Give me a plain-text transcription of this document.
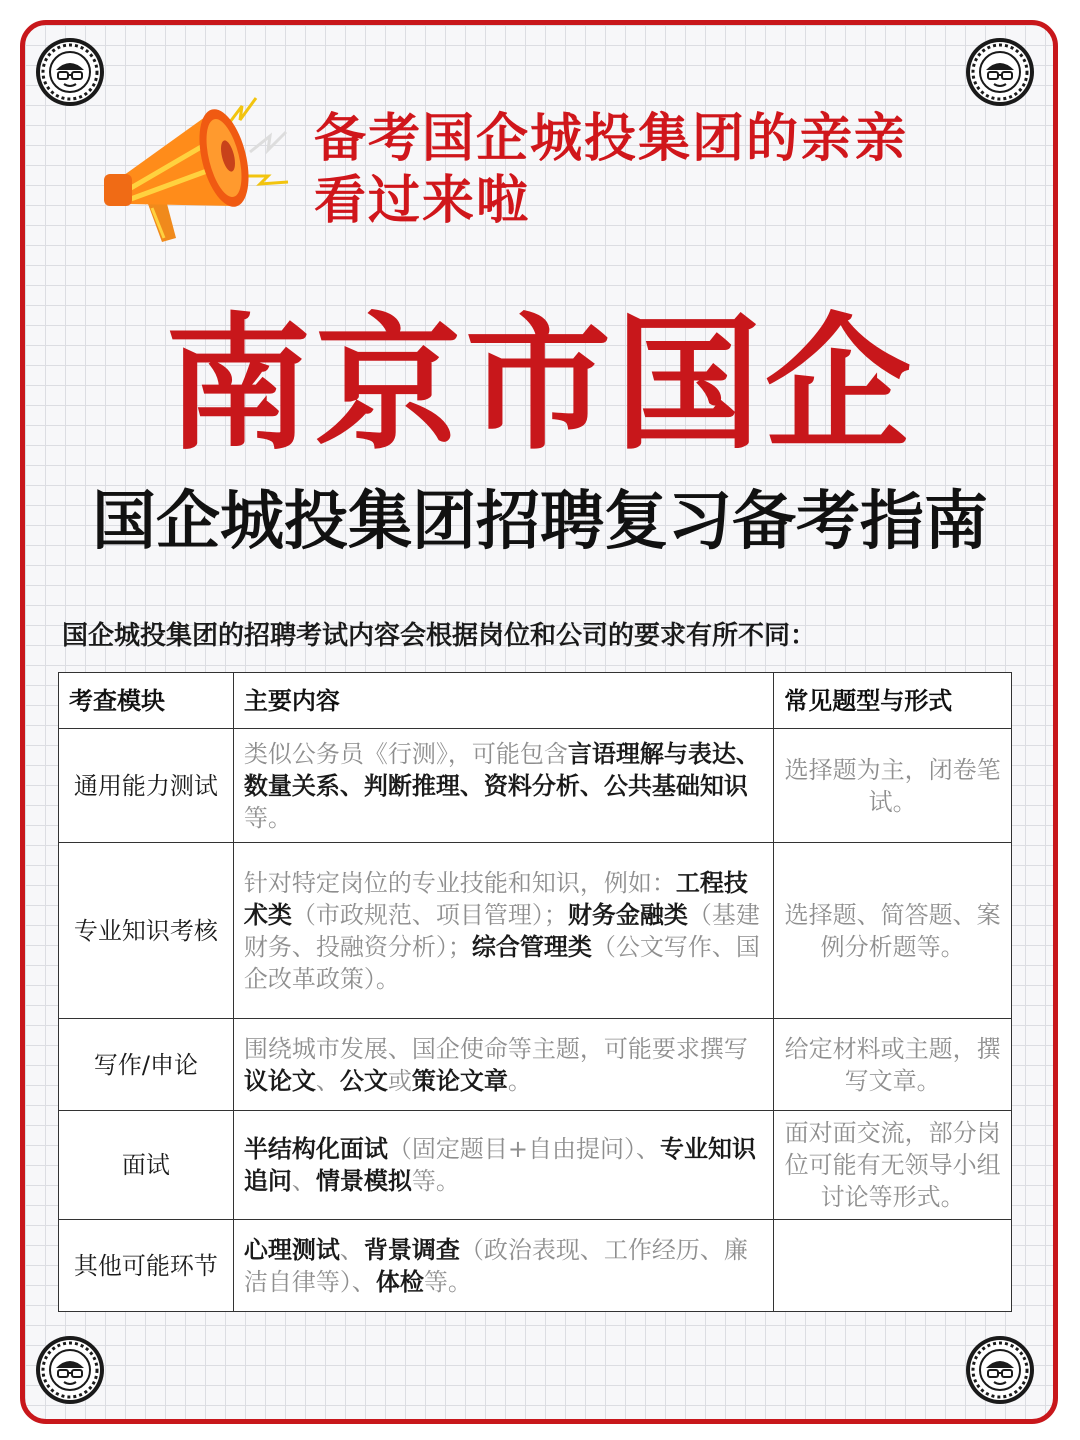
备考国企城投集团的亲亲
看过来啦
南京市国企
国企城投集团招聘复习备考指南
国企城投集团的招聘考试内容会根据岗位和公司的要求有所不同：
考查模块	主要内容	常见题型与形式
通用能力测试	类似公务员《行测》，可能包含言语理解与表达、数量关系、判断推理、资料分析、公共基础知识等。	选择题为主，闭卷笔试。
专业知识考核	针对特定岗位的专业技能和知识，例如：工程技术类（市政规范、项目管理）；财务金融类（基建财务、投融资分析）；综合管理类（公文写作、国企改革政策）。	选择题、简答题、案例分析题等。
写作/申论	围绕城市发展、国企使命等主题，可能要求撰写议论文、公文或策论文章。	给定材料或主题，撰写文章。
面试	半结构化面试（固定题目+自由提问）、专业知识追问、情景模拟等。	面对面交流，部分岗位可能有无领导小组讨论等形式。
其他可能环节	心理测试、背景调查（政治表现、工作经历、廉洁自律等）、体检等。	
